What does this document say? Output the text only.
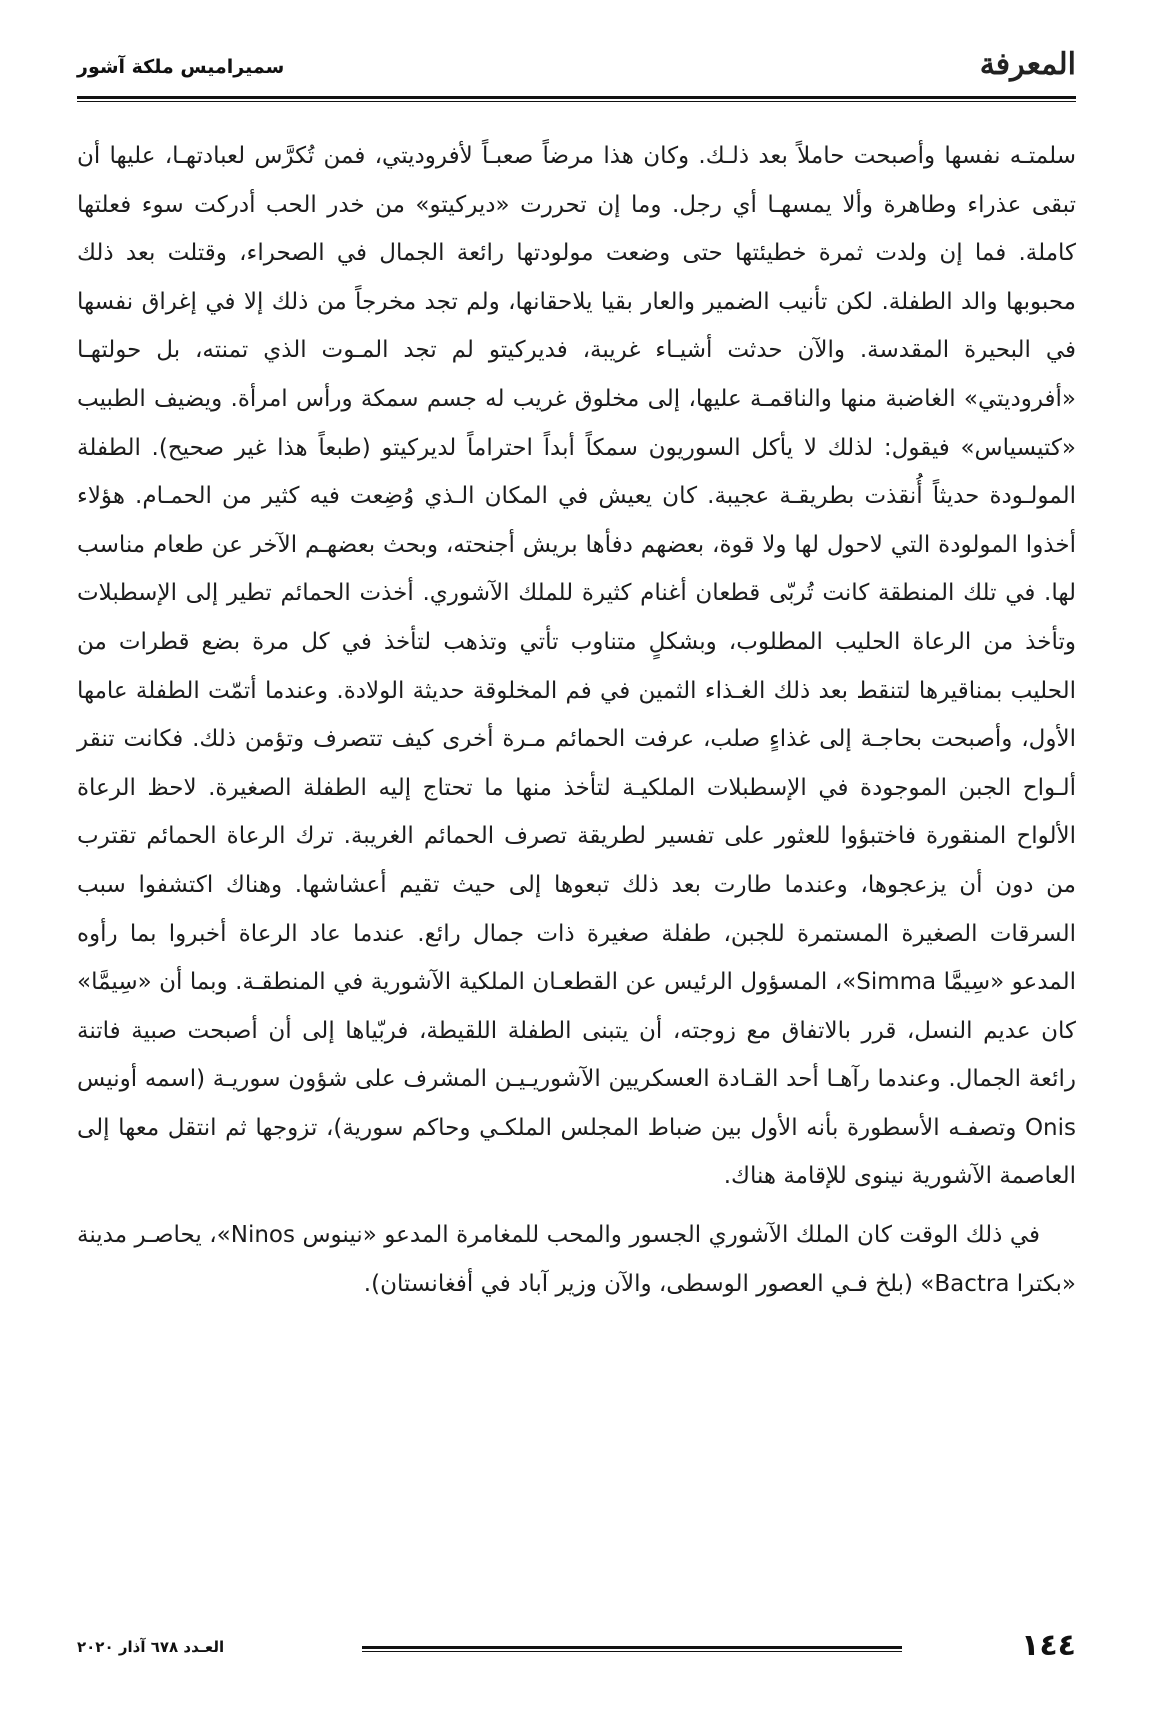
المعرفة
سميراميس ملكة آشور

سلمتـه نفسها وأصبحت حاملاً بعد ذلـك. وكان هذا مرضاً صعبـاً لأفروديتي، فمن تُكرَّس لعبادتهـا، عليها أن تبقى عذراء وطاهرة وألا يمسهـا أي رجل. وما إن تحررت «ديركيتو» من خدر الحب أدركت سوء فعلتها كاملة. فما إن ولدت ثمرة خطيئتها حتى وضعت مولودتها رائعة الجمال في الصحراء، وقتلت بعد ذلك محبوبها والد الطفلة. لكن تأنيب الضمير والعار بقيا يلاحقانها، ولم تجد مخرجاً من ذلك إلا في إغراق نفسها في البحيرة المقدسة. والآن حدثت أشيـاء غريبة، فديركيتو لم تجد المـوت الذي تمنته، بل حولتهـا «أفروديتي» الغاضبة منها والناقمـة عليها، إلى مخلوق غريب له جسم سمكة ورأس امرأة. ويضيف الطبيب «كتيسياس» فيقول: لذلك لا يأكل السوريون سمكاً أبداً احتراماً لديركيتو (طبعاً هذا غير صحيح). الطفلة المولـودة حديثاً أُنقذت بطريقـة عجيبة. كان يعيش في المكان الـذي وُضِعت فيه كثير من الحمـام. هؤلاء أخذوا المولودة التي لاحول لها ولا قوة، بعضهم دفأها بريش أجنحته، وبحث بعضهـم الآخر عن طعام مناسب لها. في تلك المنطقة كانت تُربّى قطعان أغنام كثيرة للملك الآشوري. أخذت الحمائم تطير إلى الإسطبلات وتأخذ من الرعاة الحليب المطلوب، وبشكلٍ متناوب تأتي وتذهب لتأخذ في كل مرة بضع قطرات من الحليب بمناقيرها لتنقط بعد ذلك الغـذاء الثمين في فم المخلوقة حديثة الولادة. وعندما أتمّت الطفلة عامها الأول، وأصبحت بحاجـة إلى غذاءٍ صلب، عرفت الحمائم مـرة أخرى كيف تتصرف وتؤمن ذلك. فكانت تنقر ألـواح الجبن الموجودة في الإسطبلات الملكيـة لتأخذ منها ما تحتاج إليه الطفلة الصغيرة. لاحظ الرعاة الألواح المنقورة فاختبؤوا للعثور على تفسير لطريقة تصرف الحمائم الغريبة. ترك الرعاة الحمائم تقترب من دون أن يزعجوها، وعندما طارت بعد ذلك تبعوها إلى حيث تقيم أعشاشها. وهناك اكتشفوا سبب السرقات الصغيرة المستمرة للجبن، طفلة صغيرة ذات جمال رائع. عندما عاد الرعاة أخبروا بما رأوه المدعو «سِيمَّا Simma»، المسؤول الرئيس عن القطعـان الملكية الآشورية في المنطقـة. وبما أن «سِيمَّا» كان عديم النسل، قرر بالاتفاق مع زوجته، أن يتبنى الطفلة اللقيطة، فربّياها إلى أن أصبحت صبية فاتنة رائعة الجمال. وعندما رآهـا أحد القـادة العسكريين الآشوريـيـن المشرف على شؤون سوريـة (اسمه أونيس Onis وتصفـه الأسطورة بأنه الأول بين ضباط المجلس الملكـي وحاكم سورية)، تزوجها ثم انتقل معها إلى العاصمة الآشورية نينوى للإقامة هناك.

في ذلك الوقت كان الملك الآشوري الجسور والمحب للمغامرة المدعو «نينوس Ninos»، يحاصـر مدينة «بكترا Bactra» (بلخ فـي العصور الوسطى، والآن وزير آباد في أفغانستان).

١٤٤
العـدد ٦٧٨ آذار ٢٠٢٠
